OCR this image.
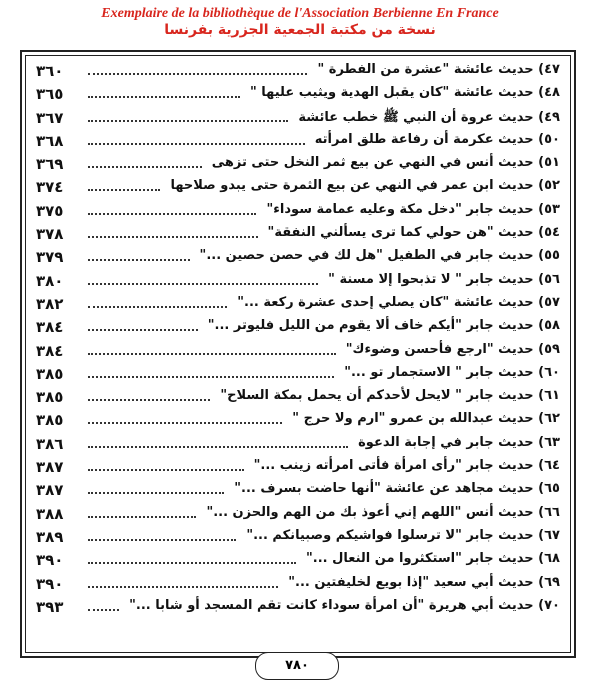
Exemplaire de la bibliothèque de l'Association Berbienne En France
نسخة من مكتبة الجمعية الجزرية بفرنسا
٣٦٠	٤٧) حديث عائشة "عشرة من الفطرة "
٣٦٥	٤٨) حديث عائشة "كان يقبل الهدية ويثيب عليها "
٣٦٧	٤٩) حديث عروة أن النبي ﷺ خطب عائشة
٣٦٨	٥٠) حديث عكرمة أن رفاعة طلق امرأته
٣٦٩	٥١) حديث أنس في النهي عن بيع ثمر النخل حتى تزهى
٣٧٤	٥٢) حديث ابن عمر في النهي عن بيع الثمرة حتى يبدو صلاحها
٣٧٥	٥٣) حديث جابر "دخل مكة وعليه عمامة سوداء"
٣٧٨	٥٤) حديث "هن حولي كما ترى يسألني النفقة"
٣٧٩	٥٥) حديث جابر في الطفيل "هل لك في حصن حصين ..."
٣٨٠	٥٦) حديث جابر " لا تذبحوا إلا مسنة "
٣٨٢	٥٧) حديث عائشة "كان يصلي إحدى عشرة ركعة ..."
٣٨٤	٥٨) حديث جابر "أيكم خاف ألا يقوم من الليل فليوتر ..."
٣٨٤	٥٩) حديث "ارجع فأحسن وضوءك"
٣٨٥	٦٠) حديث جابر " الاستجمار تو ..."
٣٨٥	٦١) حديث جابر " لايحل لأحدكم أن يحمل بمكة السلاح"
٣٨٥	٦٢) حديث عبدالله بن عمرو "ارم ولا حرج "
٣٨٦	٦٣) حديث جابر في إجابة الدعوة
٣٨٧	٦٤) حديث جابر "رأى امرأة فأتى امرأته زينب ..."
٣٨٧	٦٥) حديث مجاهد عن عائشة "أنها حاضت بسرف ..."
٣٨٨	٦٦) حديث أنس "اللهم إني أعوذ بك من الهم والحزن ..."
٣٨٩	٦٧) حديث جابر "لا ترسلوا فواشيكم وصبيانكم ..."
٣٩٠	٦٨) حديث جابر "استكثروا من النعال ..."
٣٩٠	٦٩) حديث أبي سعيد "إذا بويع لخليفتين ..."
٣٩٣	٧٠) حديث أبي هريرة "أن امرأة سوداء كانت تقم المسجد أو شابا ..."
٧٨٠
